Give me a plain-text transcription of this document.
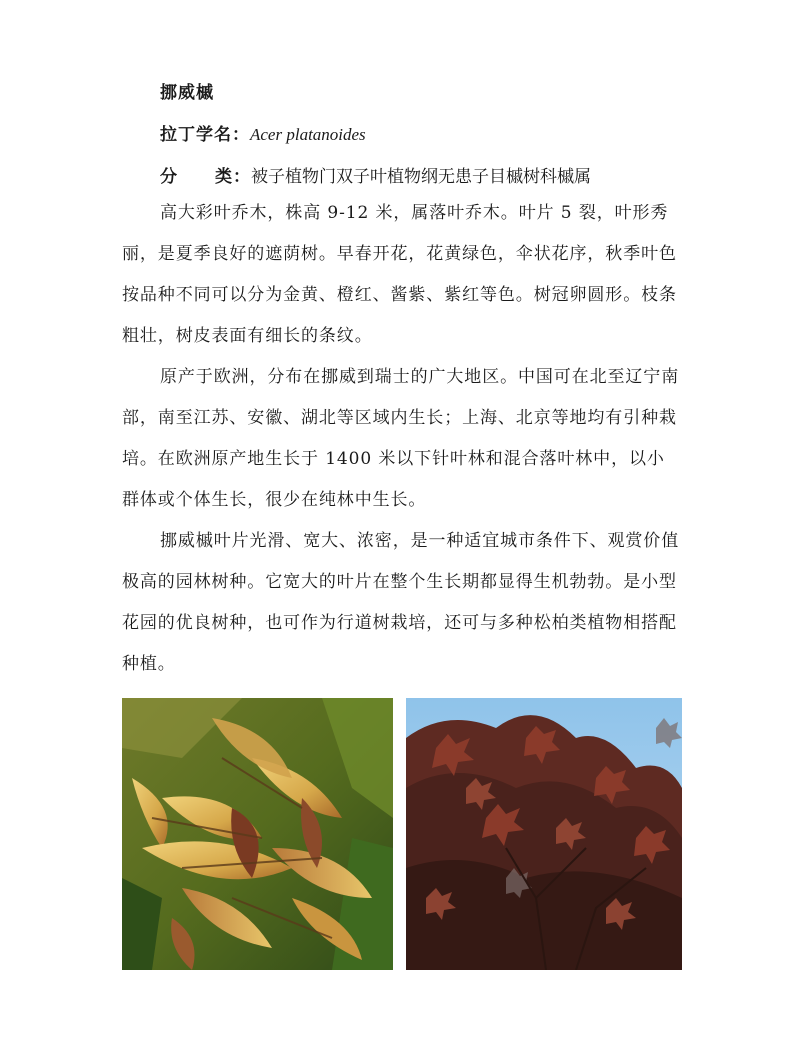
挪威槭
拉丁学名：Acer platanoides
分 类：被子植物门双子叶植物纲无患子目槭树科槭属

高大彩叶乔木，株高 9-12 米，属落叶乔木。叶片 5 裂，叶形秀丽，是夏季良好的遮荫树。早春开花，花黄绿色，伞状花序，秋季叶色按品种不同可以分为金黄、橙红、酱紫、紫红等色。树冠卵圆形。枝条粗壮，树皮表面有细长的条纹。

原产于欧洲，分布在挪威到瑞士的广大地区。中国可在北至辽宁南部，南至江苏、安徽、湖北等区域内生长；上海、北京等地均有引种栽培。在欧洲原产地生长于 1400 米以下针叶林和混合落叶林中，以小群体或个体生长，很少在纯林中生长。

挪威槭叶片光滑、宽大、浓密，是一种适宜城市条件下、观赏价值极高的园林树种。它宽大的叶片在整个生长期都显得生机勃勃。是小型花园的优良树种，也可作为行道树栽培，还可与多种松柏类植物相搭配种植。
